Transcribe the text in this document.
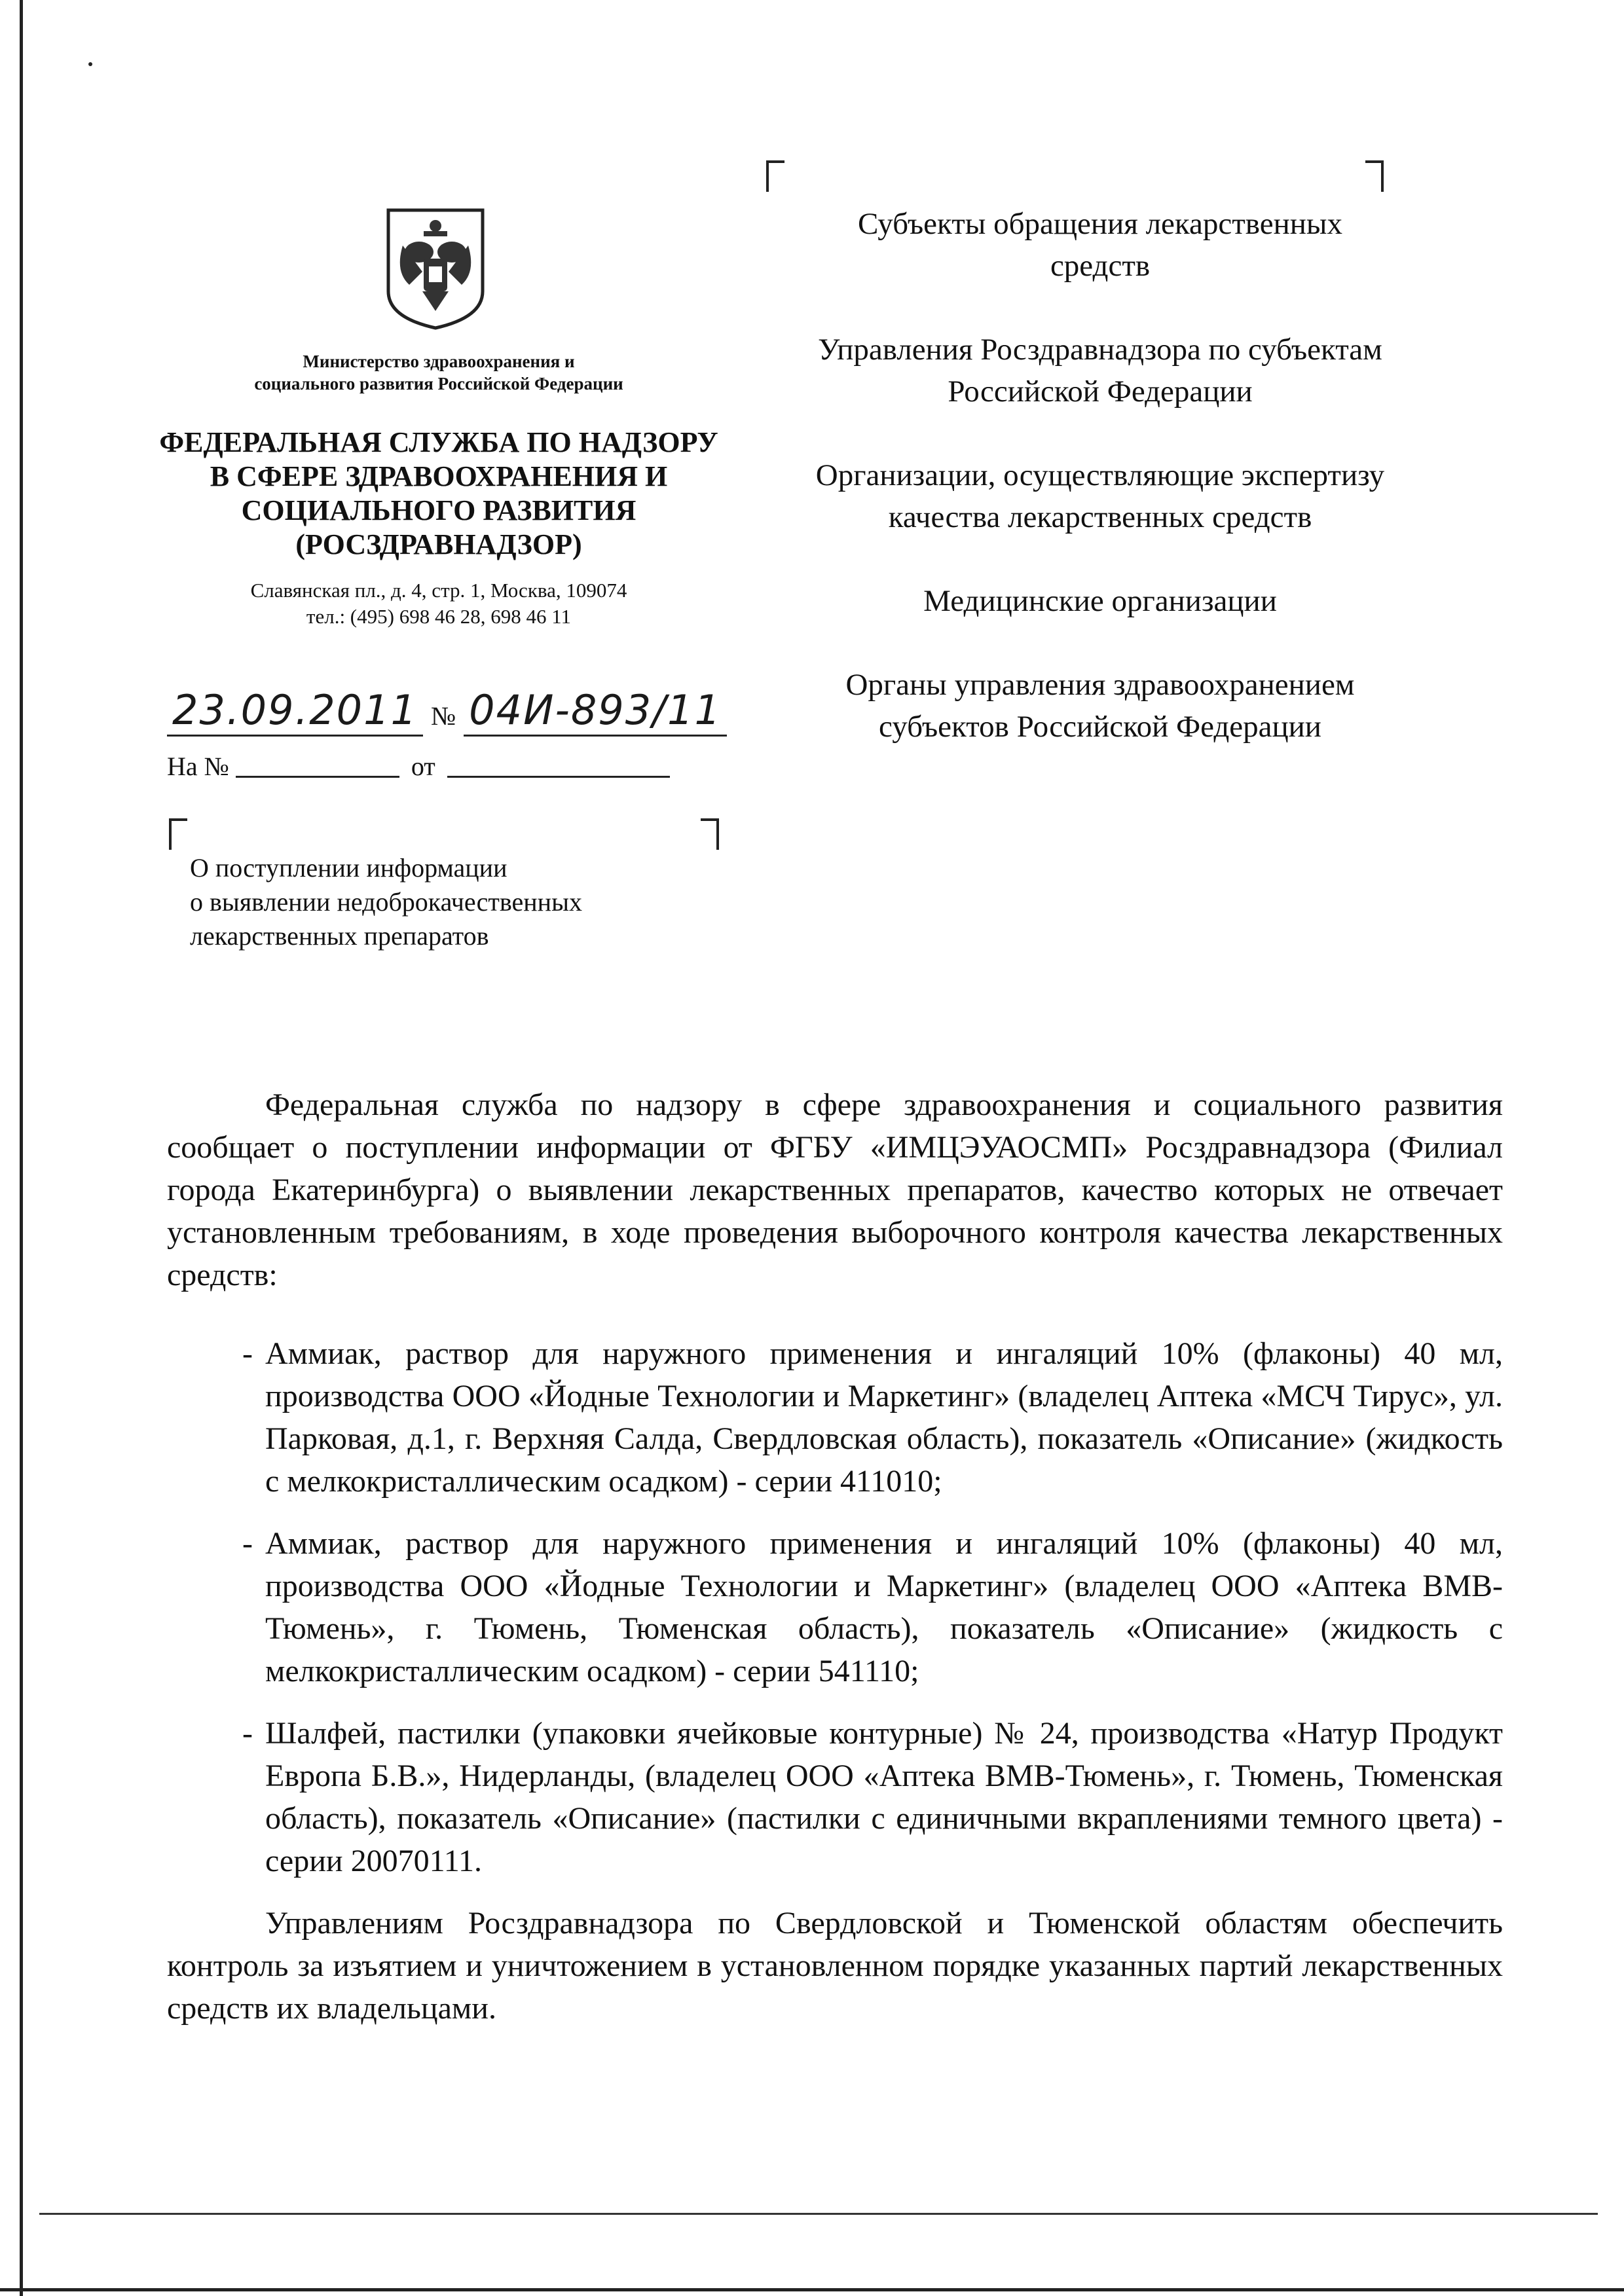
Министерство здравоохранения и
социального развития Российской Федерации
ФЕДЕРАЛЬНАЯ СЛУЖБА ПО НАДЗОРУ
В СФЕРЕ ЗДРАВООХРАНЕНИЯ И
СОЦИАЛЬНОГО РАЗВИТИЯ
(РОСЗДРАВНАДЗОР)
Славянская пл., д. 4, стр. 1, Москва, 109074
тел.: (495) 698 46 28, 698 46 11
23.09.2011 № 04И-893/11
На №	от
О поступлении информации
о выявлении недоброкачественных
лекарственных препаратов

Субъекты обращения лекарственных средств

Управления Росздравнадзора по субъектам Российской Федерации

Организации, осуществляющие экспертизу качества лекарственных средств

Медицинские организации

Органы управления здравоохранением субъектов Российской Федерации

Федеральная служба по надзору в сфере здравоохранения и социального развития сообщает о поступлении информации от ФГБУ «ИМЦЭУАОСМП» Росздравнадзора (Филиал города Екатеринбурга) о выявлении лекарственных препаратов, качество которых не отвечает установленным требованиям, в ходе проведения выборочного контроля качества лекарственных средств:

- Аммиак, раствор для наружного применения и ингаляций 10% (флаконы) 40 мл, производства ООО «Йодные Технологии и Маркетинг» (владелец Аптека «МСЧ Тирус», ул. Парковая, д.1, г. Верхняя Салда, Свердловская область), показатель «Описание» (жидкость с мелкокристаллическим осадком) - серии 411010;
- Аммиак, раствор для наружного применения и ингаляций 10% (флаконы) 40 мл, производства ООО «Йодные Технологии и Маркетинг» (владелец ООО «Аптека ВМВ-Тюмень», г. Тюмень, Тюменская область), показатель «Описание» (жидкость с мелкокристаллическим осадком) - серии 541110;
- Шалфей, пастилки (упаковки ячейковые контурные) № 24, производства «Натур Продукт Европа Б.В.», Нидерланды, (владелец ООО «Аптека ВМВ-Тюмень», г. Тюмень, Тюменская область), показатель «Описание» (пастилки с единичными вкраплениями темного цвета) - серии 20070111.

Управлениям Росздравнадзора по Свердловской и Тюменской областям обеспечить контроль за изъятием и уничтожением в установленном порядке указанных партий лекарственных средств их владельцами.
